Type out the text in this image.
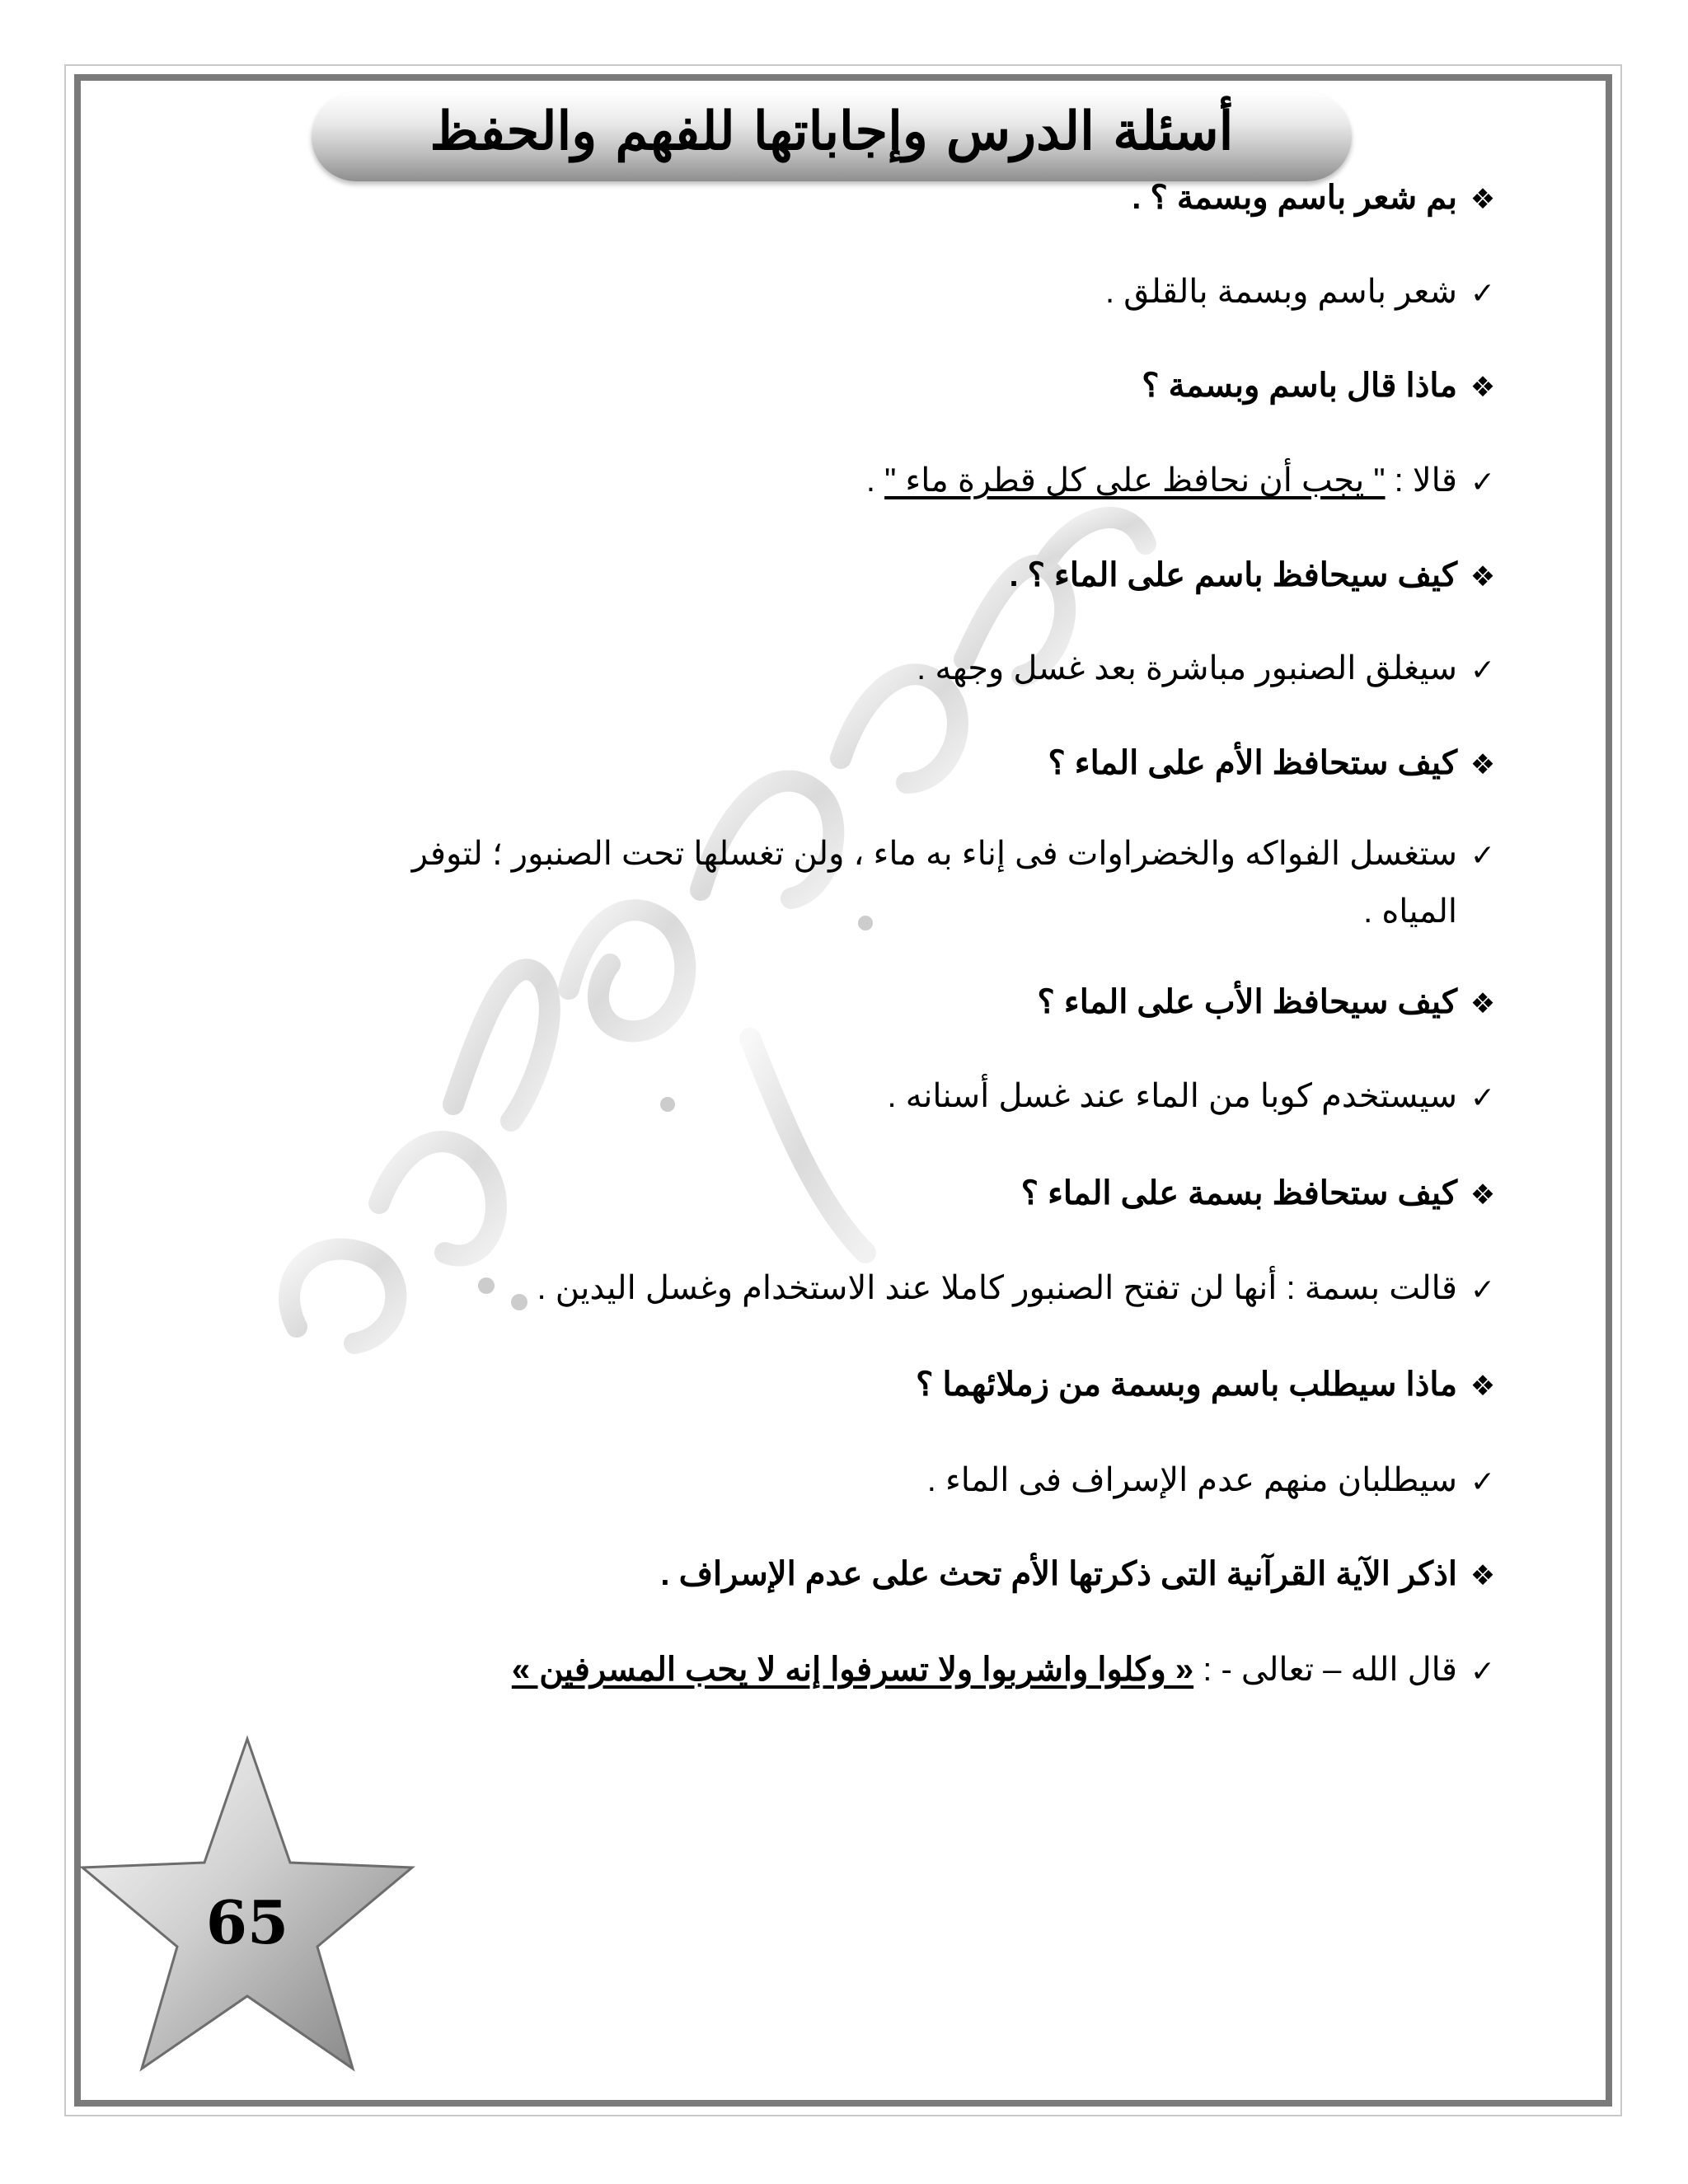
أسئلة الدرس وإجاباتها للفهم والحفظ
❖
بم شعر باسم وبسمة ؟ .
✓
شعر باسم وبسمة بالقلق .
❖
ماذا قال باسم وبسمة ؟
✓
قالا : " يجب أن نحافظ على كل قطرة ماء " .
❖
كيف سيحافظ باسم على الماء ؟ .
✓
سيغلق الصنبور مباشرة بعد غسل وجهه .
❖
كيف ستحافظ الأم على الماء ؟
✓
ستغسل الفواكه والخضراوات فى إناء به ماء ، ولن تغسلها تحت الصنبور ؛ لتوفر
المياه .
❖
كيف سيحافظ الأب على الماء ؟
✓
سيستخدم كوبا من الماء عند غسل أسنانه .
❖
كيف ستحافظ بسمة على الماء ؟
✓
قالت بسمة : أنها لن تفتح الصنبور كاملا عند الاستخدام وغسل اليدين .
❖
ماذا سيطلب باسم وبسمة من زملائهما ؟
✓
سيطلبان منهم عدم الإسراف فى الماء .
❖
اذكر الآية القرآنية التى ذكرتها الأم تحث على عدم الإسراف .
✓
قال الله – تعالى - : « وكلوا واشربوا ولا تسرفوا إنه لا يحب المسرفين »
65
